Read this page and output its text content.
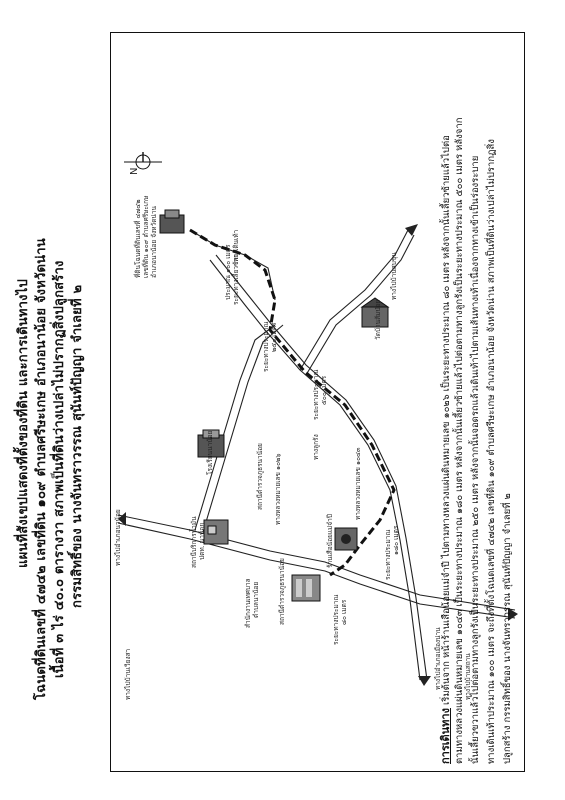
แผนที่สังเขปแสดงที่ตั้งของที่ดิน และการเดินทางไป โฉนดที่ดินเลขที่ ๔๗๔๒ เลขที่ดิน ๑๐๙ ตำบลศรีษะเกษ อำเภอนาน้อย จังหวัดน่าน เนื้อที่ ๓ ไร่ ๔๐.๐ ตารางวา สภาพเป็นที่ดินว่างเปล่าไม่ปรากฏสิ่งปลูกสร้าง กรรมสิทธิ์ของ นางจันทราวรรณ สุนันท์ปัญญา จำเลยที่ ๒
N
ที่ดินโฉนดที่ดินเลขที่ ๔๗๔๒ เลขที่ดิน ๑๐๙ ตำบลศรีษะเกษ อำเภอนาน้อย จังหวัดน่าน	ทางเดินเท้า
ประมาณ ๑๐๐ เมตร ระยะทางเลี้ยวซ้าย
ระยะทางประมาณ ๒๕๐ เมตร
ระยะทางประมาณ ๕๐๐ เมตร
ทางลูกรัง
ทางหลวงหมายเลข ๑๐๔๓
ทางไปบ้านสบขุน
วัดบ้านส้มป่อย
โรงเรียนนาน้อย	สถานีตำรวจภูธรนาน้อย ทางหลวงหมายเลข ๑๐๒๖
ระยะทางประมาณ ๑๘๐ เมตร
ร้านเสือน้อยแม่จำปี
ระยะทางประมาณ ๘๐ เมตร
สถานีตำรวจภูธรนาน้อย
ทางไปอำเภอเมืองน่าน	ทางไปบ้านสถาน
สำนักงานเทศบาล ตำบลนาน้อย
ทางไปอำเภอนาน้อย	สถานีบริการน้ำมัน ปตท. นาน้อย
ทางไปบ้านเวียงสา
การเดินทาง เริ่มต้นจาก หน้าร้านเสือน้อยแม่จำปี ไปตามทางหลวงแผ่นดินหมายเลข ๑๐๒๖ เป็นระยะทางประมาณ ๘๐ เมตร หลังจากนั้นเลี้ยวซ้ายแล้วไปต่อ ตามทางหลวงแผ่นดินหมายเลข ๑๐๔๓ เป็นระยะทางประมาณ ๑๘๐ เมตร หลังจากนั้นเลี้ยวซ้ายแล้วไปต่อตามทางลูกรังเป็นระยะทางประมาณ ๕๐๐ เมตร หลังจาก นั้นเลี้ยวขวาแล้วไปต่อตามทางลูกรังเป็นระยะทางประมาณ ๒๕๐ เมตร หลังจากนั้นจอดรถแล้วเดินเท้าไปตามเส้นทางเท้าเนื่องจากทางเข้าเป็นร่องระบาย ทางเดินเท้าประมาณ ๑๐๐ เมตร จะถึงที่ตั้งโฉนดเลขที่ ๔๗๔๒ เลขที่ดิน ๑๐๙ ตำบลศรีษะเกษ อำเภอนาน้อย จังหวัดน่าน สภาพเป็นที่ดินว่างเปล่าไม่ปรากฏสิ่ง ปลูกสร้าง กรรมสิทธิ์ของ นางจันทราวรรณ สุนันท์ปัญญา จำเลยที่ ๒
